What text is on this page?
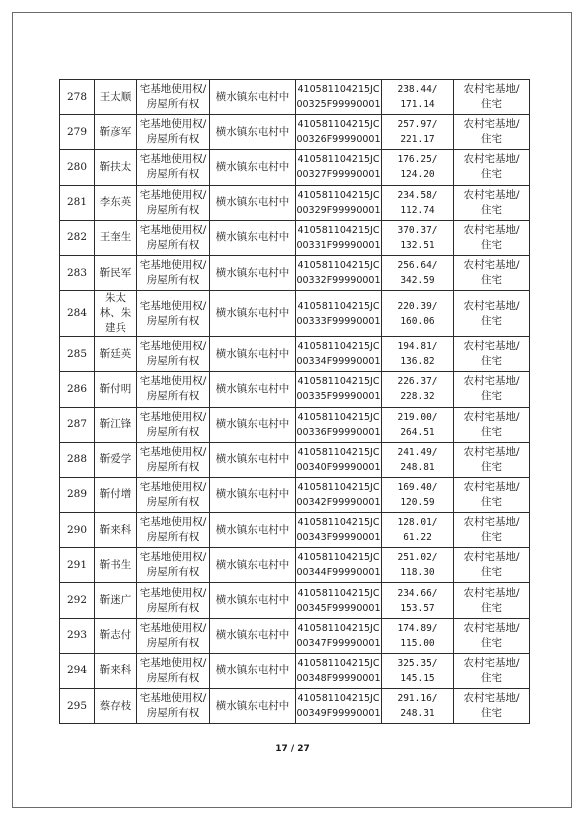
278	王太顺	宅基地使用权/
房屋所有权	横水镇东屯村中	410581104215JC
00325F99990001	238.44/
171.14	农村宅基地/
住宅

279	靳彦军	宅基地使用权/
房屋所有权	横水镇东屯村中	410581104215JC
00326F99990001	257.97/
221.17	农村宅基地/
住宅

280	靳扶太	宅基地使用权/
房屋所有权	横水镇东屯村中	410581104215JC
00327F99990001	176.25/
124.20	农村宅基地/
住宅

281	李东英	宅基地使用权/
房屋所有权	横水镇东屯村中	410581104215JC
00329F99990001	234.58/
112.74	农村宅基地/
住宅

282	王奎生	宅基地使用权/
房屋所有权	横水镇东屯村中	410581104215JC
00331F99990001	370.37/
132.51	农村宅基地/
住宅

283	靳民军	宅基地使用权/
房屋所有权	横水镇东屯村中	410581104215JC
00332F99990001	256.64/
342.59	农村宅基地/
住宅

284	朱太
林、朱
建兵	宅基地使用权/
房屋所有权	横水镇东屯村中	410581104215JC
00333F99990001	220.39/
160.06	农村宅基地/
住宅

285	靳廷英	宅基地使用权/
房屋所有权	横水镇东屯村中	410581104215JC
00334F99990001	194.81/
136.82	农村宅基地/
住宅

286	靳付明	宅基地使用权/
房屋所有权	横水镇东屯村中	410581104215JC
00335F99990001	226.37/
228.32	农村宅基地/
住宅

287	靳江锋	宅基地使用权/
房屋所有权	横水镇东屯村中	410581104215JC
00336F99990001	219.00/
264.51	农村宅基地/
住宅

288	靳爱学	宅基地使用权/
房屋所有权	横水镇东屯村中	410581104215JC
00340F99990001	241.49/
248.81	农村宅基地/
住宅

289	靳付增	宅基地使用权/
房屋所有权	横水镇东屯村中	410581104215JC
00342F99990001	169.40/
120.59	农村宅基地/
住宅

290	靳来科	宅基地使用权/
房屋所有权	横水镇东屯村中	410581104215JC
00343F99990001	128.01/
61.22	农村宅基地/
住宅

291	靳书生	宅基地使用权/
房屋所有权	横水镇东屯村中	410581104215JC
00344F99990001	251.02/
118.30	农村宅基地/
住宅

292	靳迷广	宅基地使用权/
房屋所有权	横水镇东屯村中	410581104215JC
00345F99990001	234.66/
153.57	农村宅基地/
住宅

293	靳志付	宅基地使用权/
房屋所有权	横水镇东屯村中	410581104215JC
00347F99990001	174.89/
115.00	农村宅基地/
住宅

294	靳来科	宅基地使用权/
房屋所有权	横水镇东屯村中	410581104215JC
00348F99990001	325.35/
145.15	农村宅基地/
住宅

295	蔡存枝	宅基地使用权/
房屋所有权	横水镇东屯村中	410581104215JC
00349F99990001	291.16/
248.31	农村宅基地/
住宅
17 / 27
